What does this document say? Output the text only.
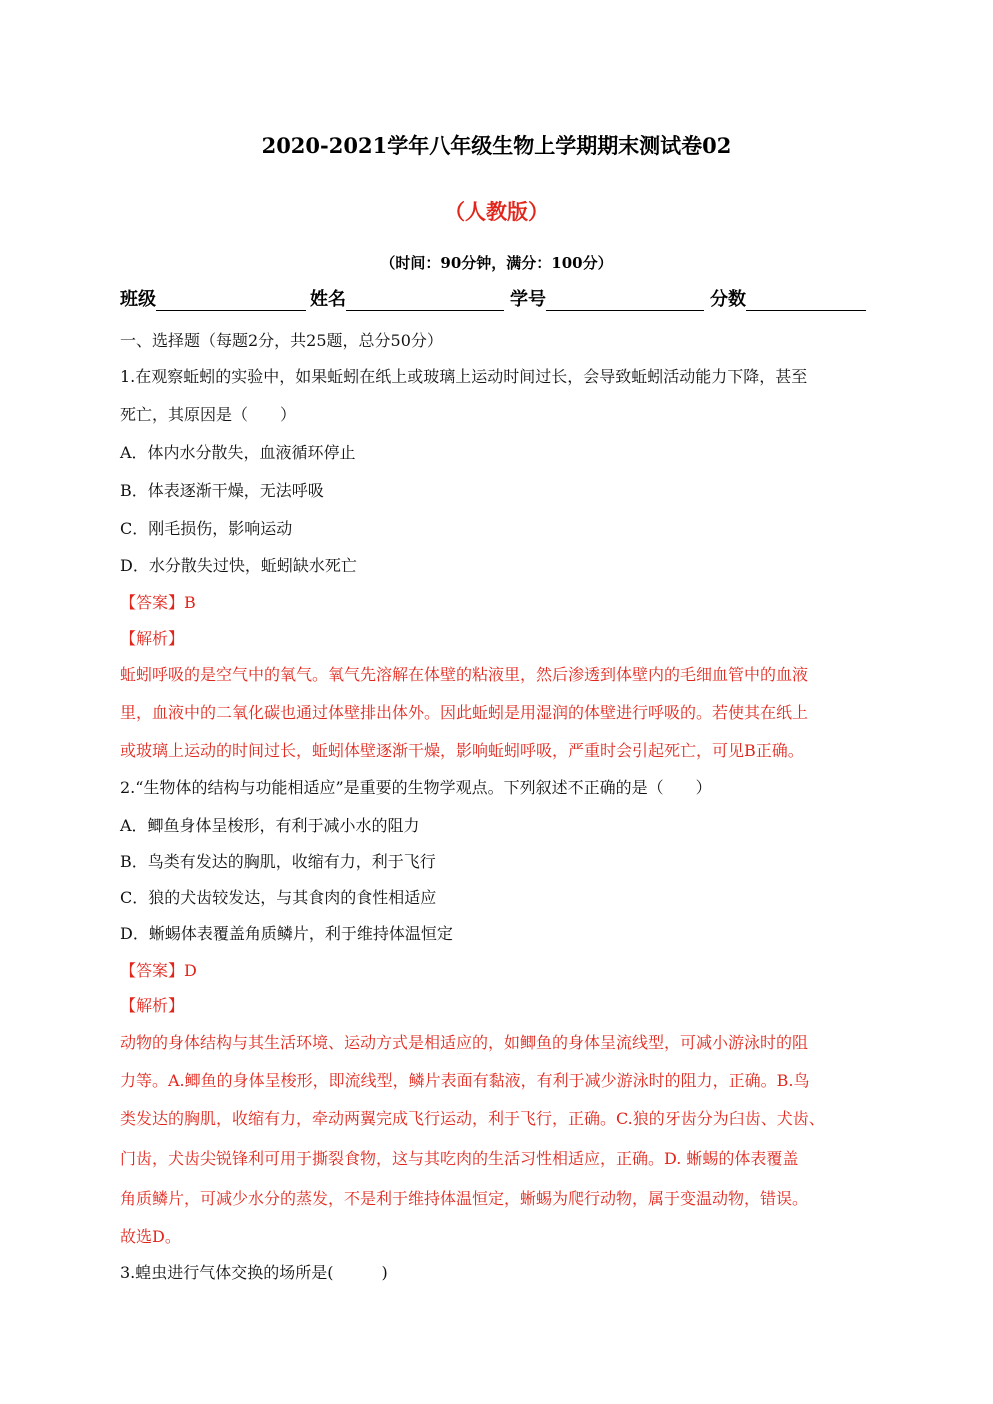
2020-2021学年八年级生物上学期期末测试卷02
（人教版）
（时间：90分钟，满分：100分）
班级	姓名	学号	分数
一、选择题（每题2分，共25题，总分50分）
1.在观察蚯蚓的实验中，如果蚯蚓在纸上或玻璃上运动时间过长，会导致蚯蚓活动能力下降，甚至
死亡，其原因是（　　）
A．体内水分散失，血液循环停止
B．体表逐渐干燥，无法呼吸
C．刚毛损伤，影响运动
D．水分散失过快，蚯蚓缺水死亡
【答案】B
【解析】
蚯蚓呼吸的是空气中的氧气。氧气先溶解在体壁的粘液里，然后渗透到体壁内的毛细血管中的血液
里，血液中的二氧化碳也通过体壁排出体外。因此蚯蚓是用湿润的体壁进行呼吸的。若使其在纸上
或玻璃上运动的时间过长，蚯蚓体壁逐渐干燥，影响蚯蚓呼吸，严重时会引起死亡，可见B正确。
2.“生物体的结构与功能相适应”是重要的生物学观点。下列叙述不正确的是（　　）
A．鲫鱼身体呈梭形，有利于减小水的阻力
B．鸟类有发达的胸肌，收缩有力，利于飞行
C．狼的犬齿较发达，与其食肉的食性相适应
D．蜥蜴体表覆盖角质鳞片，利于维持体温恒定
【答案】D
【解析】
动物的身体结构与其生活环境、运动方式是相适应的，如鲫鱼的身体呈流线型，可减小游泳时的阻
力等。A.鲫鱼的身体呈梭形，即流线型，鳞片表面有黏液，有利于减少游泳时的阻力，正确。B.鸟
类发达的胸肌，收缩有力，牵动两翼完成飞行运动，利于飞行，正确。C.狼的牙齿分为臼齿、犬齿、
门齿，犬齿尖锐锋利可用于撕裂食物，这与其吃肉的生活习性相适应，正确。D. 蜥蜴的体表覆盖
角质鳞片，可减少水分的蒸发，不是利于维持体温恒定，蜥蜴为爬行动物，属于变温动物，错误。
故选D。
3.蝗虫进行气体交换的场所是(　　　)
